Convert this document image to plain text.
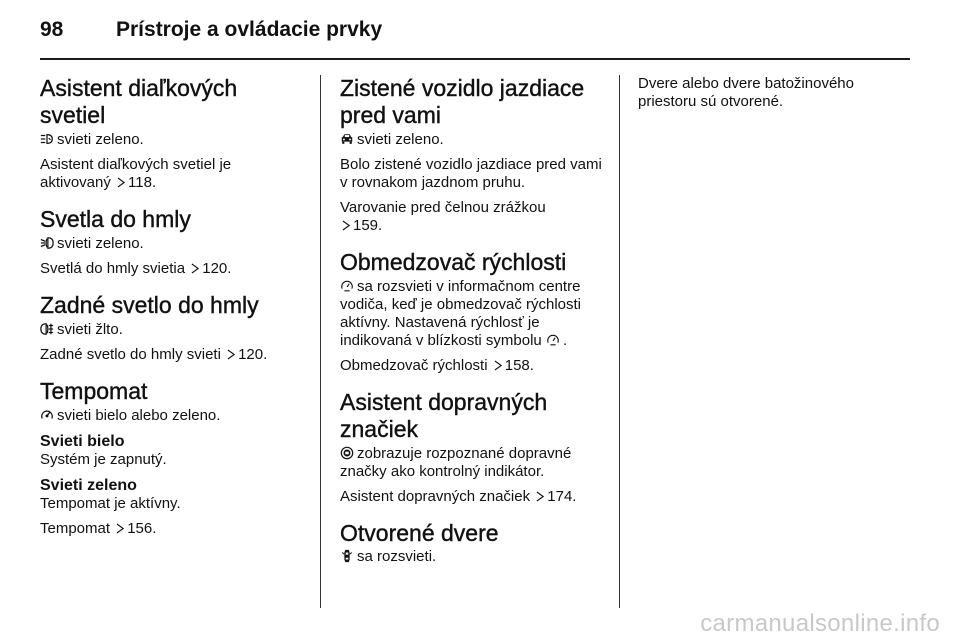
98	Prístroje a ovládacie prvky
Asistent diaľkových svetiel

svieti zeleno.

Asistent diaľkových svetiel je aktivovaný 118.

Svetla do hmly

svieti zeleno.

Svetlá do hmly svietia 120.

Zadné svetlo do hmly

svieti žlto.

Zadné svetlo do hmly svieti 120.

Tempomat

svieti bielo alebo zeleno.

Svieti bielo

Systém je zapnutý.

Svieti zeleno

Tempomat je aktívny.

Tempomat 156.

Zistené vozidlo jazdiace
pred vami

svieti zeleno.

Bolo zistené vozidlo jazdiace pred vami v rovnakom jazdnom pruhu.

Varovanie pred čelnou zrážkou
159.

Obmedzovač rýchlosti

sa rozsvieti v informačnom centre vodiča, keď je obmedzovač rýchlosti aktívny. Nastavená rýchlosť je indikovaná v blízkosti symbolu .

Obmedzovač rýchlosti 158.

Asistent dopravných
značiek

zobrazuje rozpoznané dopravné značky ako kontrolný indikátor.

Asistent dopravných značiek 174.

Otvorené dvere

sa rozsvieti.

Dvere alebo dvere batožinového priestoru sú otvorené.

carmanualsonline.info
